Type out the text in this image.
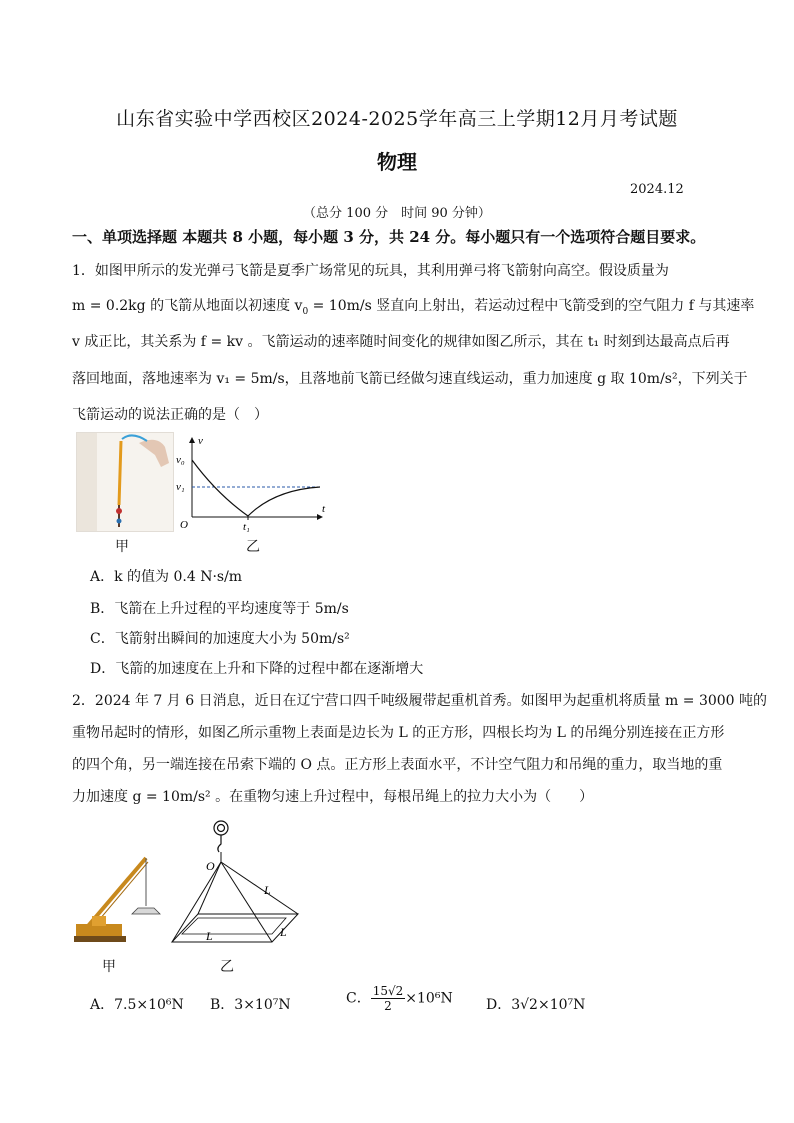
山东省实验中学西校区2024-2025学年高三上学期12月月考试题
物理
2024.12
（总分 100 分　时间 90 分钟）
一、单项选择题 本题共 8 小题，每小题 3 分，共 24 分。每小题只有一个选项符合题目要求。
1．如图甲所示的发光弹弓飞箭是夏季广场常见的玩具，其利用弹弓将飞箭射向高空。假设质量为
m = 0.2kg 的飞箭从地面以初速度 $v_0 = 10m/s$ 竖直向上射出，若运动过程中飞箭受到的空气阻力 f 与其速率
v 成正比，其关系为 f = kv 。飞箭运动的速率随时间变化的规律如图乙所示，其在 t₁ 时刻到达最高点后再
落回地面，落地速率为 v₁ = 5m/s，且落地前飞箭已经做匀速直线运动，重力加速度 g 取 10m/s²，下列关于
飞箭运动的说法正确的是（　）
甲
v
t
O
v₀
v₁
t₁
乙
A．k 的值为 0.4 N·s/m
B．飞箭在上升过程的平均速度等于 5m/s
C．飞箭射出瞬间的加速度大小为 50m/s²
D．飞箭的加速度在上升和下降的过程中都在逐渐增大
2．2024 年 7 月 6 日消息，近日在辽宁营口四千吨级履带起重机首秀。如图甲为起重机将质量 m = 3000 吨的
重物吊起时的情形，如图乙所示重物上表面是边长为 L 的正方形，四根长均为 L 的吊绳分别连接在正方形
的四个角，另一端连接在吊索下端的 O 点。正方形上表面水平，不计空气阻力和吊绳的重力，取当地的重
力加速度 g = 10m/s² 。在重物匀速上升过程中，每根吊绳上的拉力大小为（　　）
甲
O
L
L	L
乙
A．7.5×10⁶N B．3×10⁷N	C． $\frac{15√2}{2} \times 10^6N$ D．3√2×10⁷N
